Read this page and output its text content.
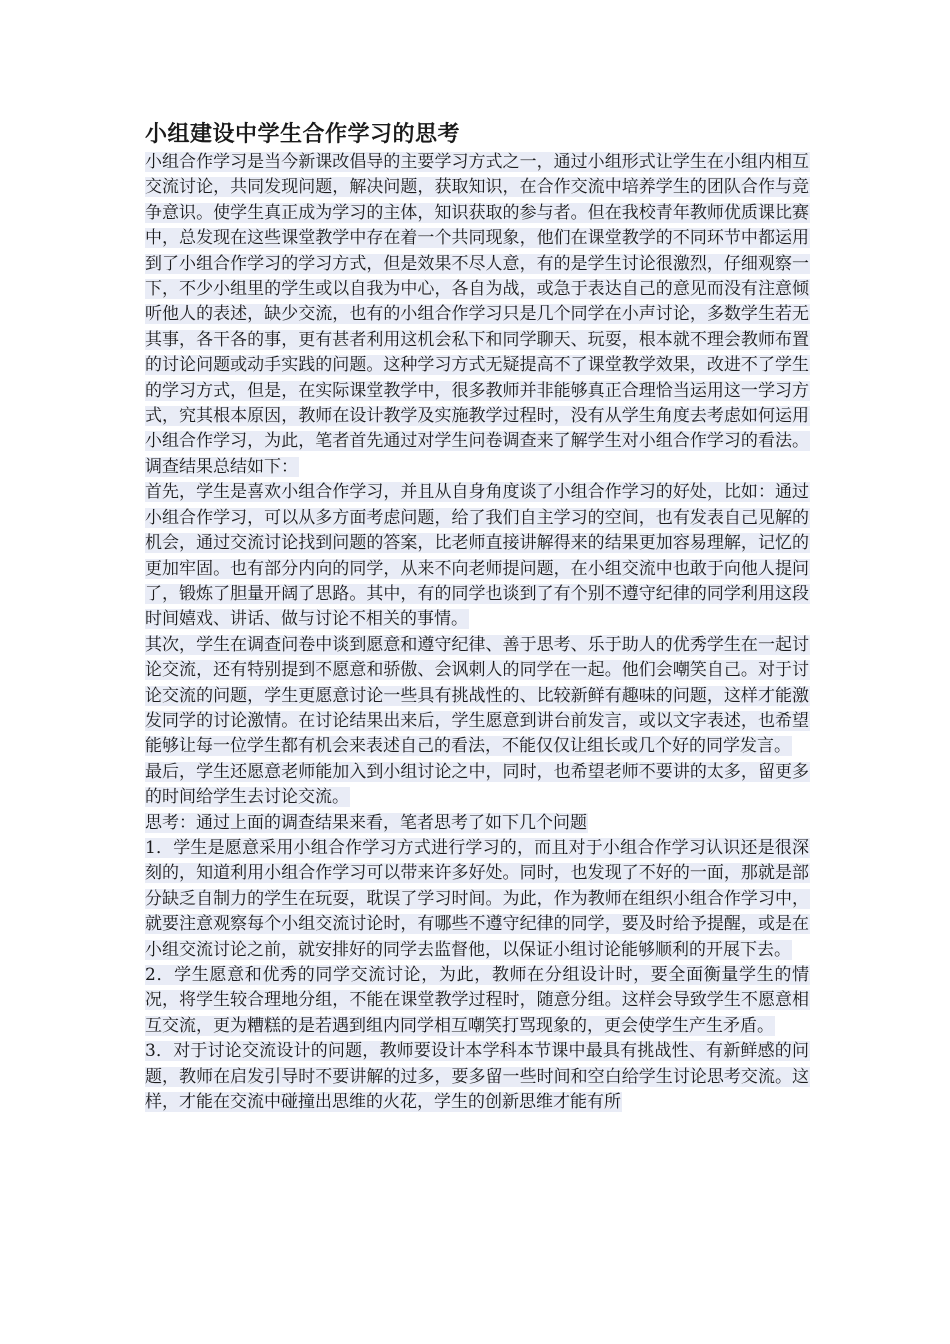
小组建设中学生合作学习的思考

小组合作学习是当今新课改倡导的主要学习方式之一，通过小组形式让学生在小组内相互交流讨论，共同发现问题，解决问题，获取知识，在合作交流中培养学生的团队合作与竞争意识。使学生真正成为学习的主体，知识获取的参与者。但在我校青年教师优质课比赛中，总发现在这些课堂教学中存在着一个共同现象，他们在课堂教学的不同环节中都运用到了小组合作学习的学习方式，但是效果不尽人意，有的是学生讨论很激烈，仔细观察一下，不少小组里的学生或以自我为中心，各自为战，或急于表达自己的意见而没有注意倾听他人的表述，缺少交流，也有的小组合作学习只是几个同学在小声讨论，多数学生若无其事，各干各的事，更有甚者利用这机会私下和同学聊天、玩耍，根本就不理会教师布置的讨论问题或动手实践的问题。这种学习方式无疑提高不了课堂教学效果，改进不了学生的学习方式，但是，在实际课堂教学中，很多教师并非能够真正合理恰当运用这一学习方式，究其根本原因，教师在设计教学及实施教学过程时，没有从学生角度去考虑如何运用小组合作学习，为此，笔者首先通过对学生问卷调查来了解学生对小组合作学习的看法。调查结果总结如下：

首先，学生是喜欢小组合作学习，并且从自身角度谈了小组合作学习的好处，比如：通过小组合作学习，可以从多方面考虑问题，给了我们自主学习的空间，也有发表自己见解的机会，通过交流讨论找到问题的答案，比老师直接讲解得来的结果更加容易理解，记忆的更加牢固。也有部分内向的同学，从来不向老师提问题，在小组交流中也敢于向他人提问了，锻炼了胆量开阔了思路。其中，有的同学也谈到了有个别不遵守纪律的同学利用这段时间嬉戏、讲话、做与讨论不相关的事情。

其次，学生在调查问卷中谈到愿意和遵守纪律、善于思考、乐于助人的优秀学生在一起讨论交流，还有特别提到不愿意和骄傲、会讽刺人的同学在一起。他们会嘲笑自己。对于讨论交流的问题，学生更愿意讨论一些具有挑战性的、比较新鲜有趣味的问题，这样才能激发同学的讨论激情。在讨论结果出来后，学生愿意到讲台前发言，或以文字表述，也希望能够让每一位学生都有机会来表述自己的看法，不能仅仅让组长或几个好的同学发言。

最后，学生还愿意老师能加入到小组讨论之中，同时，也希望老师不要讲的太多，留更多的时间给学生去讨论交流。

思考：通过上面的调查结果来看，笔者思考了如下几个问题

1．学生是愿意采用小组合作学习方式进行学习的，而且对于小组合作学习认识还是很深刻的，知道利用小组合作学习可以带来许多好处。同时，也发现了不好的一面，那就是部分缺乏自制力的学生在玩耍，耽误了学习时间。为此，作为教师在组织小组合作学习中，就要注意观察每个小组交流讨论时，有哪些不遵守纪律的同学，要及时给予提醒，或是在小组交流讨论之前，就安排好的同学去监督他，以保证小组讨论能够顺利的开展下去。

2．学生愿意和优秀的同学交流讨论，为此，教师在分组设计时，要全面衡量学生的情况，将学生较合理地分组，不能在课堂教学过程时，随意分组。这样会导致学生不愿意相互交流，更为糟糕的是若遇到组内同学相互嘲笑打骂现象的，更会使学生产生矛盾。

3．对于讨论交流设计的问题，教师要设计本学科本节课中最具有挑战性、有新鲜感的问题，教师在启发引导时不要讲解的过多，要多留一些时间和空白给学生讨论思考交流。这样，才能在交流中碰撞出思维的火花，学生的创新思维才能有所
